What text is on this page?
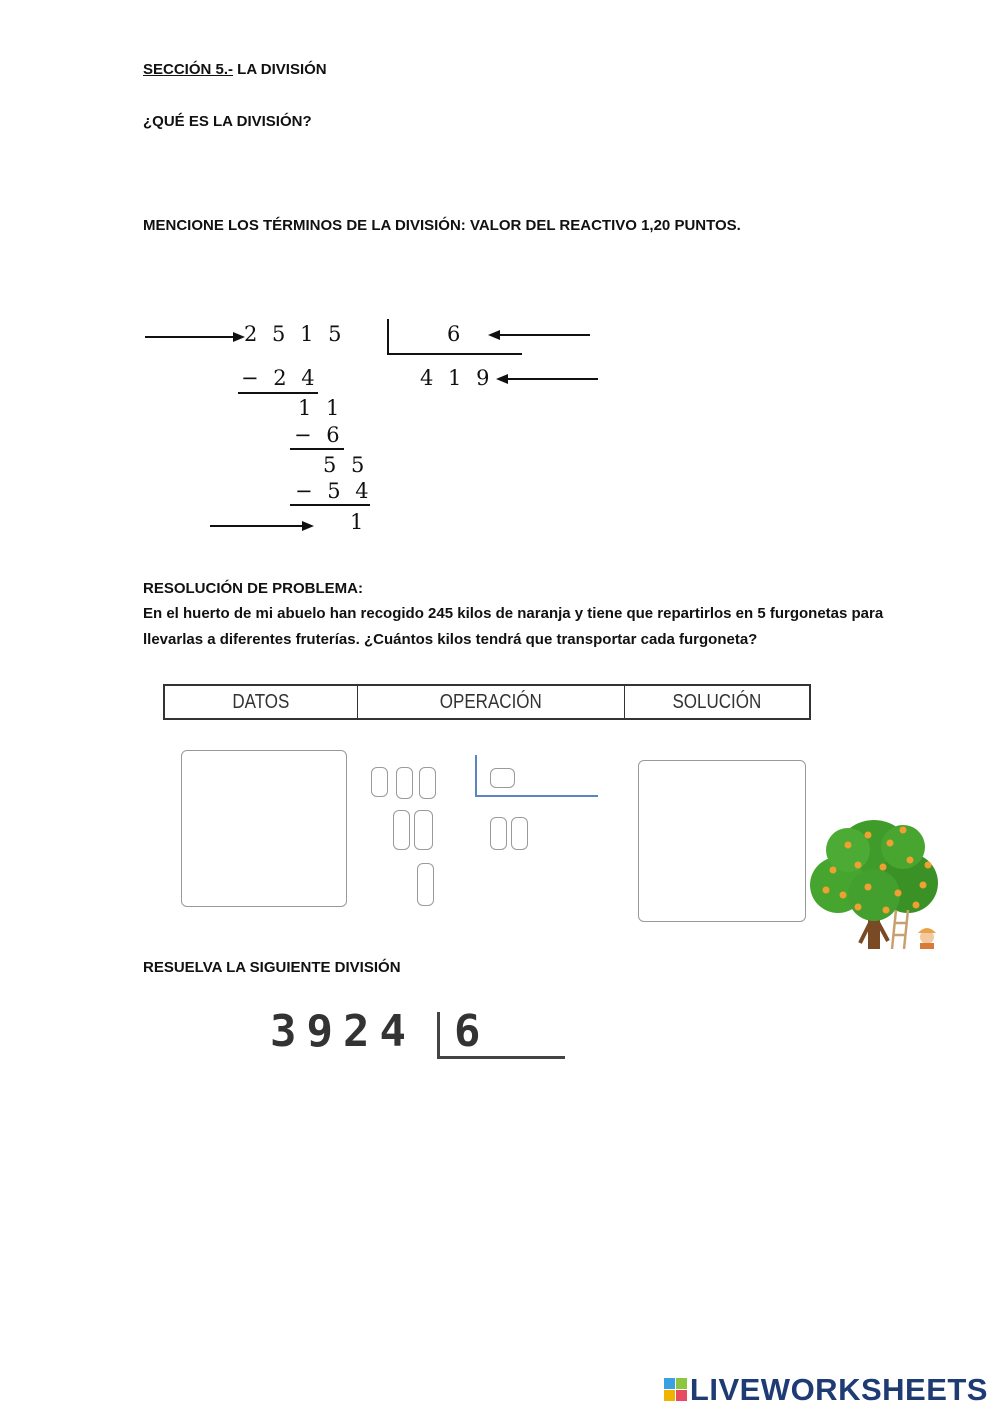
SECCIÓN 5.- LA DIVISIÓN
¿QUÉ ES LA DIVISIÓN?
MENCIONE LOS TÉRMINOS DE LA DIVISIÓN: VALOR DEL REACTIVO 1,20 PUNTOS.
2 5 1 5	6
− 2 4	4 1 9
1 1
− 6
5 5
− 5 4
1
RESOLUCIÓN DE PROBLEMA:
En el huerto de mi abuelo han recogido 245 kilos de naranja y tiene que repartirlos en 5 furgonetas para llevarlas a diferentes fruterías. ¿Cuántos kilos tendrá que transportar cada furgoneta?
DATOS	OPERACIÓN	SOLUCIÓN
RESUELVA LA SIGUIENTE DIVISIÓN
3924 6
LIVEWORKSHEETS
